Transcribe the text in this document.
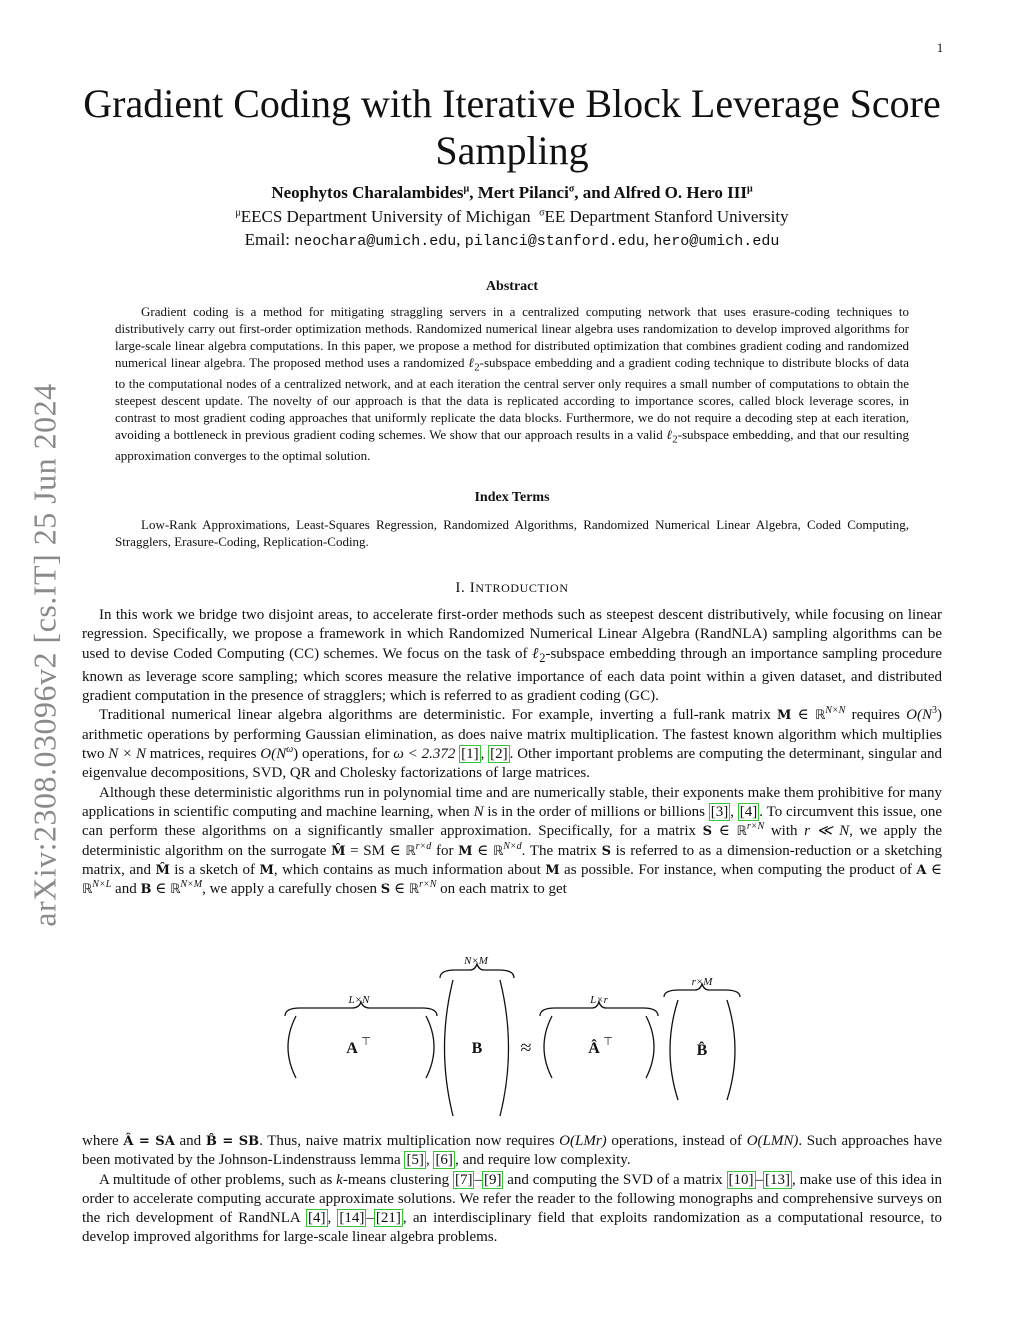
1
arXiv:2308.03096v2 [cs.IT] 25 Jun 2024
Gradient Coding with Iterative Block Leverage Score Sampling
Neophytos Charalambides$^\mu$, Mert Pilanci$^\sigma$, and Alfred O. Hero $III^\mu$
$^\mu$EECS Department University of Michigan $^\sigma$EE Department Stanford University
Email: neochara@umich.edu, pilanci@stanford.edu, hero@umich.edu
Abstract

Gradient coding is a method for mitigating straggling servers in a centralized computing network that uses erasure-coding techniques to distributively carry out first-order optimization methods. Randomized numerical linear algebra uses randomization to develop improved algorithms for large-scale linear algebra computations. In this paper, we propose a method for distributed optimization that combines gradient coding and randomized numerical linear algebra. The proposed method uses a randomized ℓ$_2$-subspace embedding and a gradient coding technique to distribute blocks of data to the computational nodes of a centralized network, and at each iteration the central server only requires a small number of computations to obtain the steepest descent update. The novelty of our approach is that the data is replicated according to importance scores, called block leverage scores, in contrast to most gradient coding approaches that uniformly replicate the data blocks. Furthermore, we do not require a decoding step at each iteration, avoiding a bottleneck in previous gradient coding schemes. We show that our approach results in a valid ℓ$_2$-subspace embedding, and that our resulting approximation converges to the optimal solution.

Index Terms

Low-Rank Approximations, Least-Squares Regression, Randomized Algorithms, Randomized Numerical Linear Algebra, Coded Computing, Stragglers, Erasure-Coding, Replication-Coding.

I. INTRODUCTION

In this work we bridge two disjoint areas, to accelerate first-order methods such as steepest descent distributively, while focusing on linear regression. Specifically, we propose a framework in which Randomized Numerical Linear Algebra (RandNLA) sampling algorithms can be used to devise Coded Computing (CC) schemes. We focus on the task of ℓ$_2$-subspace embedding through an importance sampling procedure known as leverage score sampling; which scores measure the relative importance of each data point within a given dataset, and distributed gradient computation in the presence of stragglers; which is referred to as gradient coding (GC).

Traditional numerical linear algebra algorithms are deterministic. For example, inverting a full-rank matrix M ∈ ℝ$^{N\times N}$ requires $O(N^3)$ arithmetic operations by performing Gaussian elimination, as does naive matrix multiplication. The fastest known algorithm which multiplies two N × N matrices, requires $O(N^\omega)$ operations, for ω < 2.372 [1] , [2] . Other important problems are computing the determinant, singular and eigenvalue decompositions, SVD, QR and Cholesky factorizations of large matrices.

Although these deterministic algorithms run in polynomial time and are numerically stable, their exponents make them prohibitive for many applications in scientific computing and machine learning, when N is in the order of millions or billions [3] , [4] . To circumvent this issue, one can perform these algorithms on a significantly smaller approximation. Specifically, for a matrix S ∈ ℝ$^{r\times N}$ with r ≪ N, we apply the deterministic algorithm on the surrogate M̂ = SM ∈ ℝ$^{r\times d}$ for M ∈ ℝ$^{N\times d}$. The matrix S is referred to as a dimension-reduction or a sketching matrix, and M̂ is a sketch of M, which contains as much information about M as possible. For instance, when computing the product of A ∈ ℝ$^{N\times L}$ and B ∈ ℝ$^{N\times M}$, we apply a carefully chosen S ∈ ℝ$^{r\times N}$ on each matrix to get

L×N
A ⊤
N×M
B ≈
L×r
Â ⊤
r×M
B̂

where Â = SA and B̂ = SB. Thus, naive matrix multiplication now requires O(LMr) operations, instead of O(LMN). Such approaches have been motivated by the Johnson-Lindenstrauss lemma [5] , [6] , and require low complexity.

A multitude of other problems, such as k-means clustering [7] – [9] and computing the SVD of a matrix [10] – [13] , make use of this idea in order to accelerate computing accurate approximate solutions. We refer the reader to the following monographs and comprehensive surveys on the rich development of RandNLA [4] , [14] – [21] , an interdisciplinary field that exploits randomization as a computational resource, to develop improved algorithms for large-scale linear algebra problems.
